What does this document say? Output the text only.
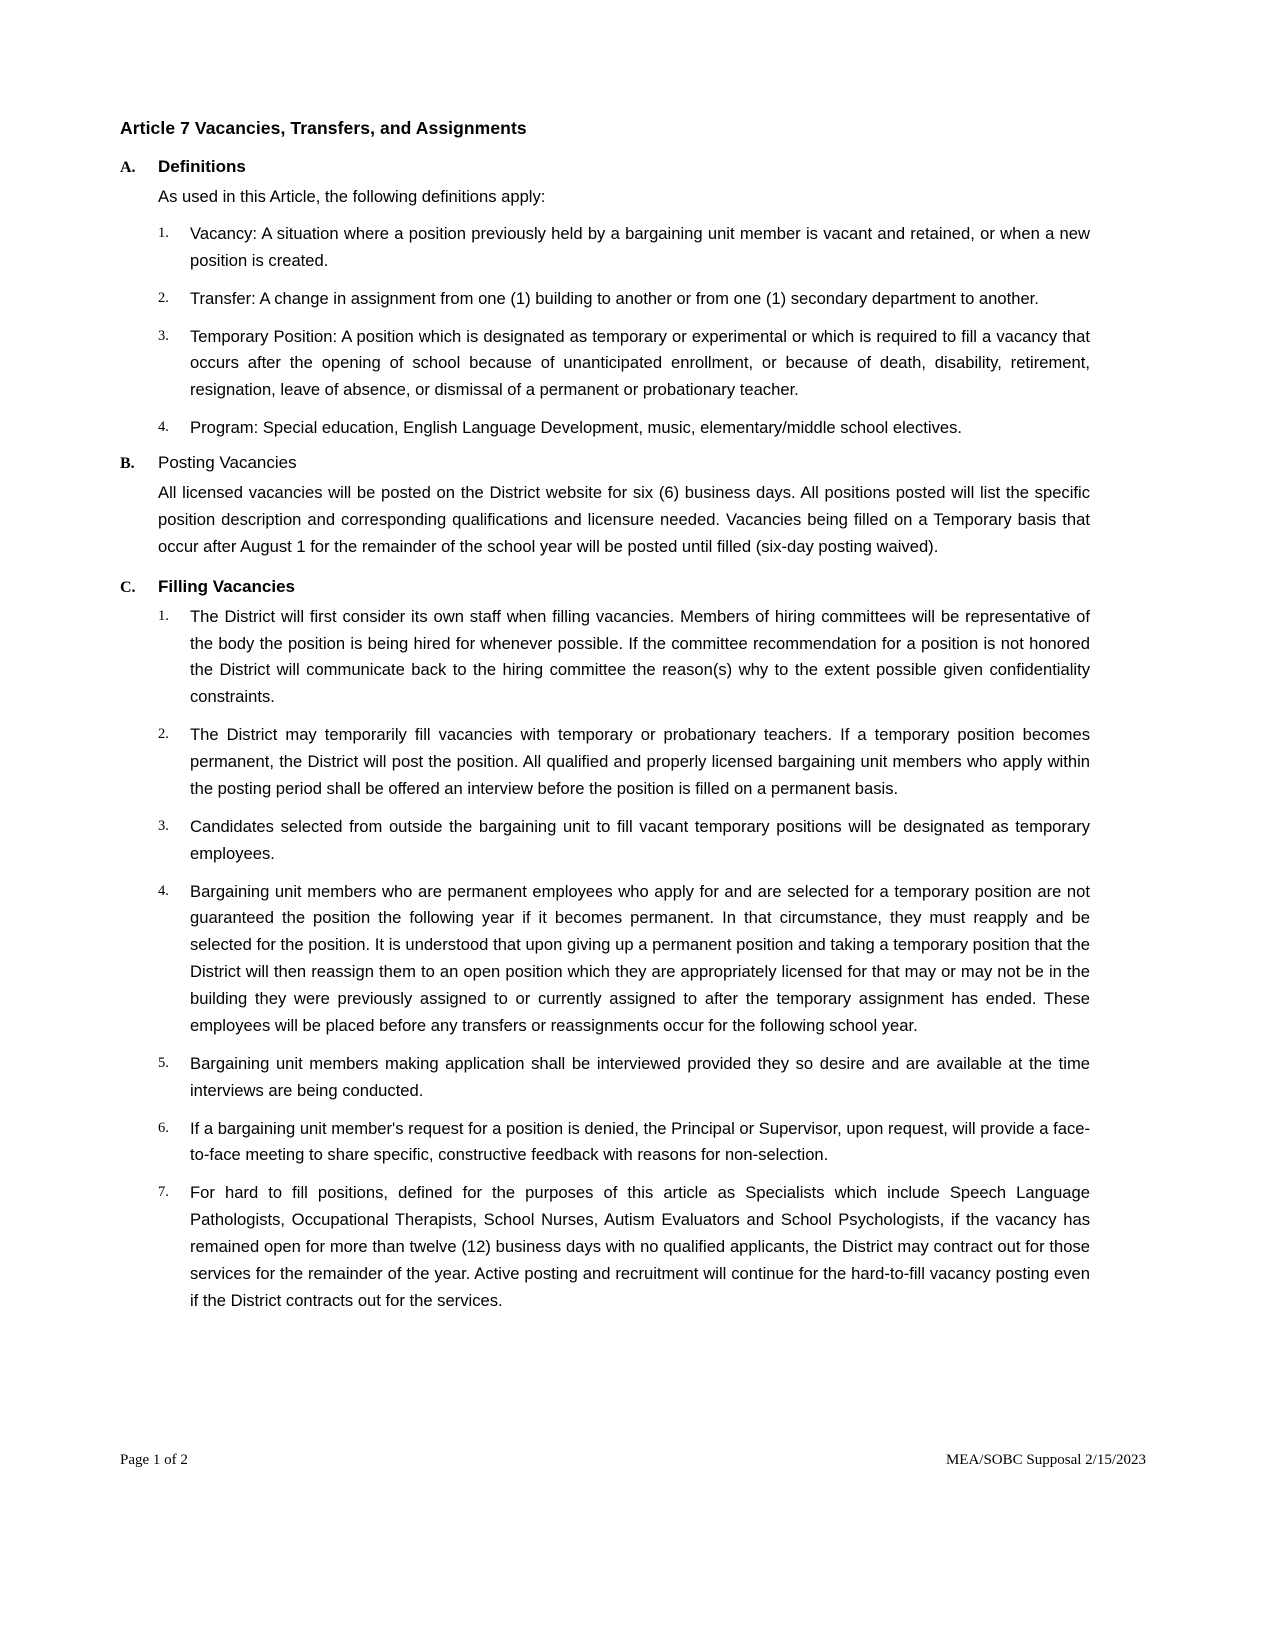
Article 7 Vacancies, Transfers, and Assignments
A.	Definitions

As used in this Article, the following definitions apply:

1.	Vacancy: A situation where a position previously held by a bargaining unit member is vacant and retained, or when a new position is created.
2.	Transfer: A change in assignment from one (1) building to another or from one (1) secondary department to another.
3.	Temporary Position: A position which is designated as temporary or experimental or which is required to fill a vacancy that occurs after the opening of school because of unanticipated enrollment, or because of death, disability, retirement, resignation, leave of absence, or dismissal of a permanent or probationary teacher.
4.	Program: Special education, English Language Development, music, elementary/middle school electives.
B.	Posting Vacancies

All licensed vacancies will be posted on the District website for six (6) business days. All positions posted will list the specific position description and corresponding qualifications and licensure needed. Vacancies being filled on a Temporary basis that occur after August 1 for the remainder of the school year will be posted until filled (six-day posting waived).

C.	Filling Vacancies
1.	The District will first consider its own staff when filling vacancies. Members of hiring committees will be representative of the body the position is being hired for whenever possible. If the committee recommendation for a position is not honored the District will communicate back to the hiring committee the reason(s) why to the extent possible given confidentiality constraints.
2.	The District may temporarily fill vacancies with temporary or probationary teachers. If a temporary position becomes permanent, the District will post the position. All qualified and properly licensed bargaining unit members who apply within the posting period shall be offered an interview before the position is filled on a permanent basis.
3.	Candidates selected from outside the bargaining unit to fill vacant temporary positions will be designated as temporary employees.
4.	Bargaining unit members who are permanent employees who apply for and are selected for a temporary position are not guaranteed the position the following year if it becomes permanent. In that circumstance, they must reapply and be selected for the position. It is understood that upon giving up a permanent position and taking a temporary position that the District will then reassign them to an open position which they are appropriately licensed for that may or may not be in the building they were previously assigned to or currently assigned to after the temporary assignment has ended. These employees will be placed before any transfers or reassignments occur for the following school year.
5.	Bargaining unit members making application shall be interviewed provided they so desire and are available at the time interviews are being conducted.
6.	If a bargaining unit member's request for a position is denied, the Principal or Supervisor, upon request, will provide a face-to-face meeting to share specific, constructive feedback with reasons for non-selection.
7.	For hard to fill positions, defined for the purposes of this article as Specialists which include Speech Language Pathologists, Occupational Therapists, School Nurses, Autism Evaluators and School Psychologists, if the vacancy has remained open for more than twelve (12) business days with no qualified applicants, the District may contract out for those services for the remainder of the year. Active posting and recruitment will continue for the hard-to-fill vacancy posting even if the District contracts out for the services.
Page 1 of 2	MEA/SOBC Supposal 2/15/2023
